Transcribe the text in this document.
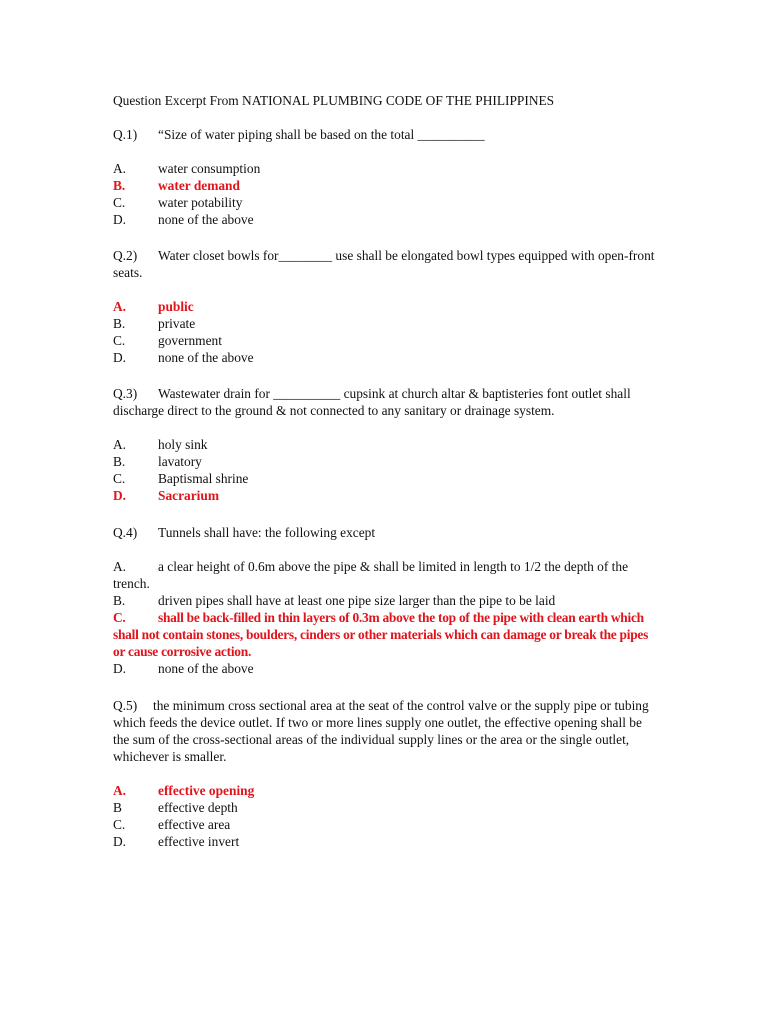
Question Excerpt From NATIONAL PLUMBING CODE OF THE PHILIPPINES

Q.1) “Size of water piping shall be based on the total __________

A. water consumption
B. water demand
C. water potability
D. none of the above

Q.2) Water closet bowls for________ use shall be elongated bowl types equipped with open-front seats.

A. public
B. private
C. government
D. none of the above

Q.3) Wastewater drain for __________ cupsink at church altar & baptisteries font outlet shall discharge direct to the ground & not connected to any sanitary or drainage system.

A. holy sink
B. lavatory
C. Baptismal shrine
D. Sacrarium

Q.4) Tunnels shall have: the following except

A. a clear height of 0.6m above the pipe & shall be limited in length to 1/2 the depth of the trench.
B. driven pipes shall have at least one pipe size larger than the pipe to be laid
C. shall be back-filled in thin layers of 0.3m above the top of the pipe with clean earth which shall not contain stones, boulders, cinders or other materials which can damage or break the pipes or cause corrosive action.
D. none of the above

Q.5) the minimum cross sectional area at the seat of the control valve or the supply pipe or tubing which feeds the device outlet. If two or more lines supply one outlet, the effective opening shall be the sum of the cross-sectional areas of the individual supply lines or the area or the single outlet, whichever is smaller.

A. effective opening
B	effective depth
C. effective area
D. effective invert
